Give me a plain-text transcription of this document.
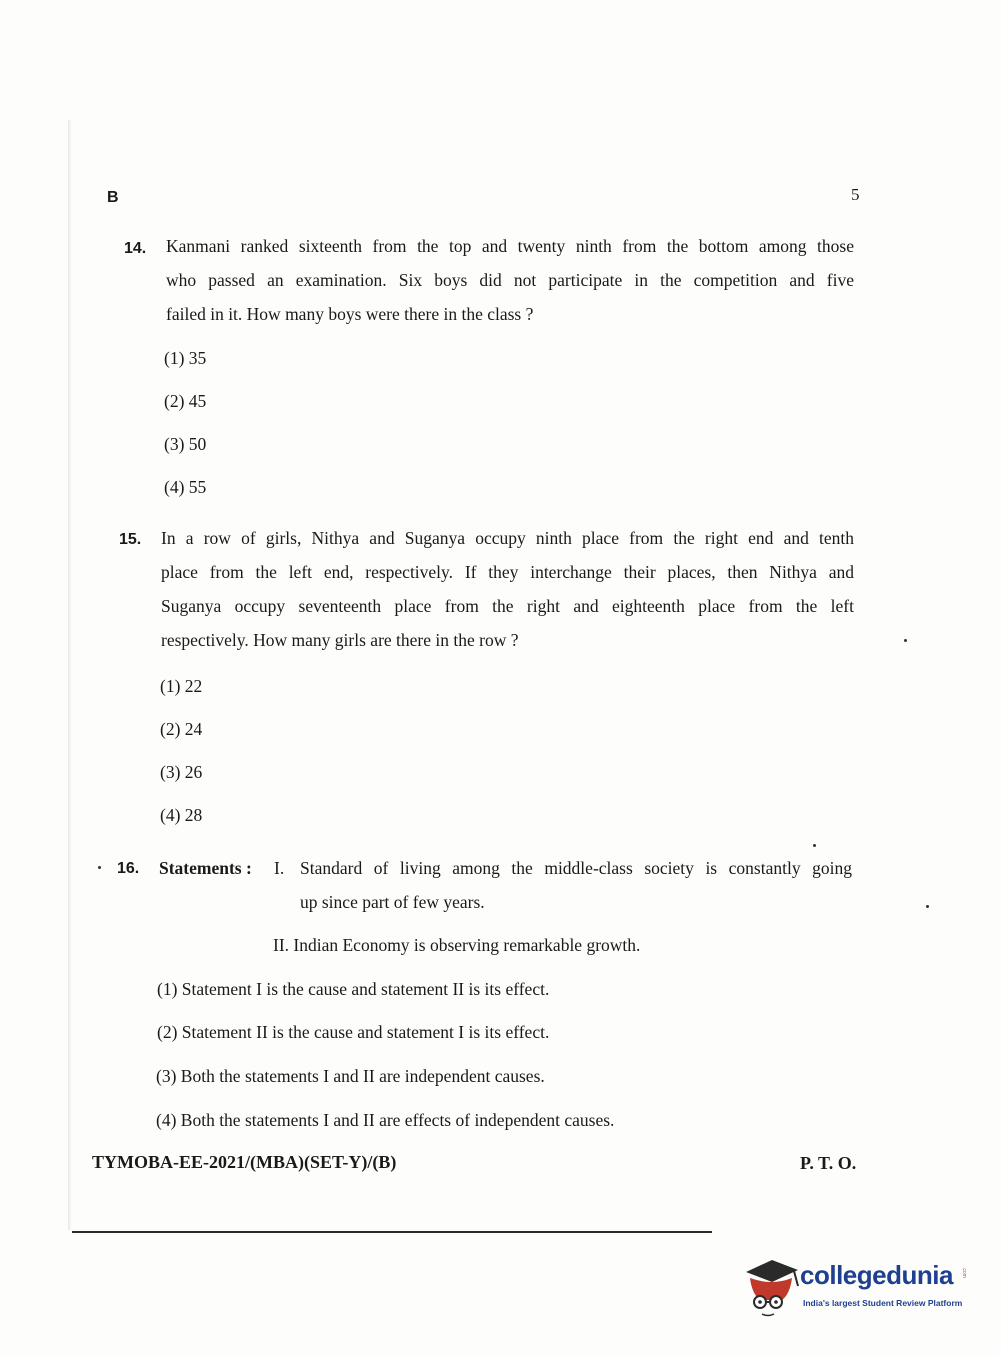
B	5
14. Kanmani ranked sixteenth from the top and twenty ninth from the bottom among those
who passed an examination. Six boys did not participate in the competition and five
failed in it. How many boys were there in the class ?
(1) 35
(2) 45
(3) 50
(4) 55
15. In a row of girls, Nithya and Suganya occupy ninth place from the right end and tenth
place from the left end, respectively. If they interchange their places, then Nithya and
Suganya occupy seventeenth place from the right and eighteenth place from the left
respectively. How many girls are there in the row ?
(1) 22
(2) 24
(3) 26
(4) 28
16. Statements : I. Standard of living among the middle-class society is constantly going
up since part of few years.
II. Indian Economy is observing remarkable growth.
(1) Statement I is the cause and statement II is its effect.
(2) Statement II is the cause and statement I is its effect.
(3) Both the statements I and II are independent causes.
(4) Both the statements I and II are effects of independent causes.
TYMOBA-EE-2021/(MBA)(SET-Y)/(B)	P. T. O.
collegedunia .com
India's largest Student Review Platform
